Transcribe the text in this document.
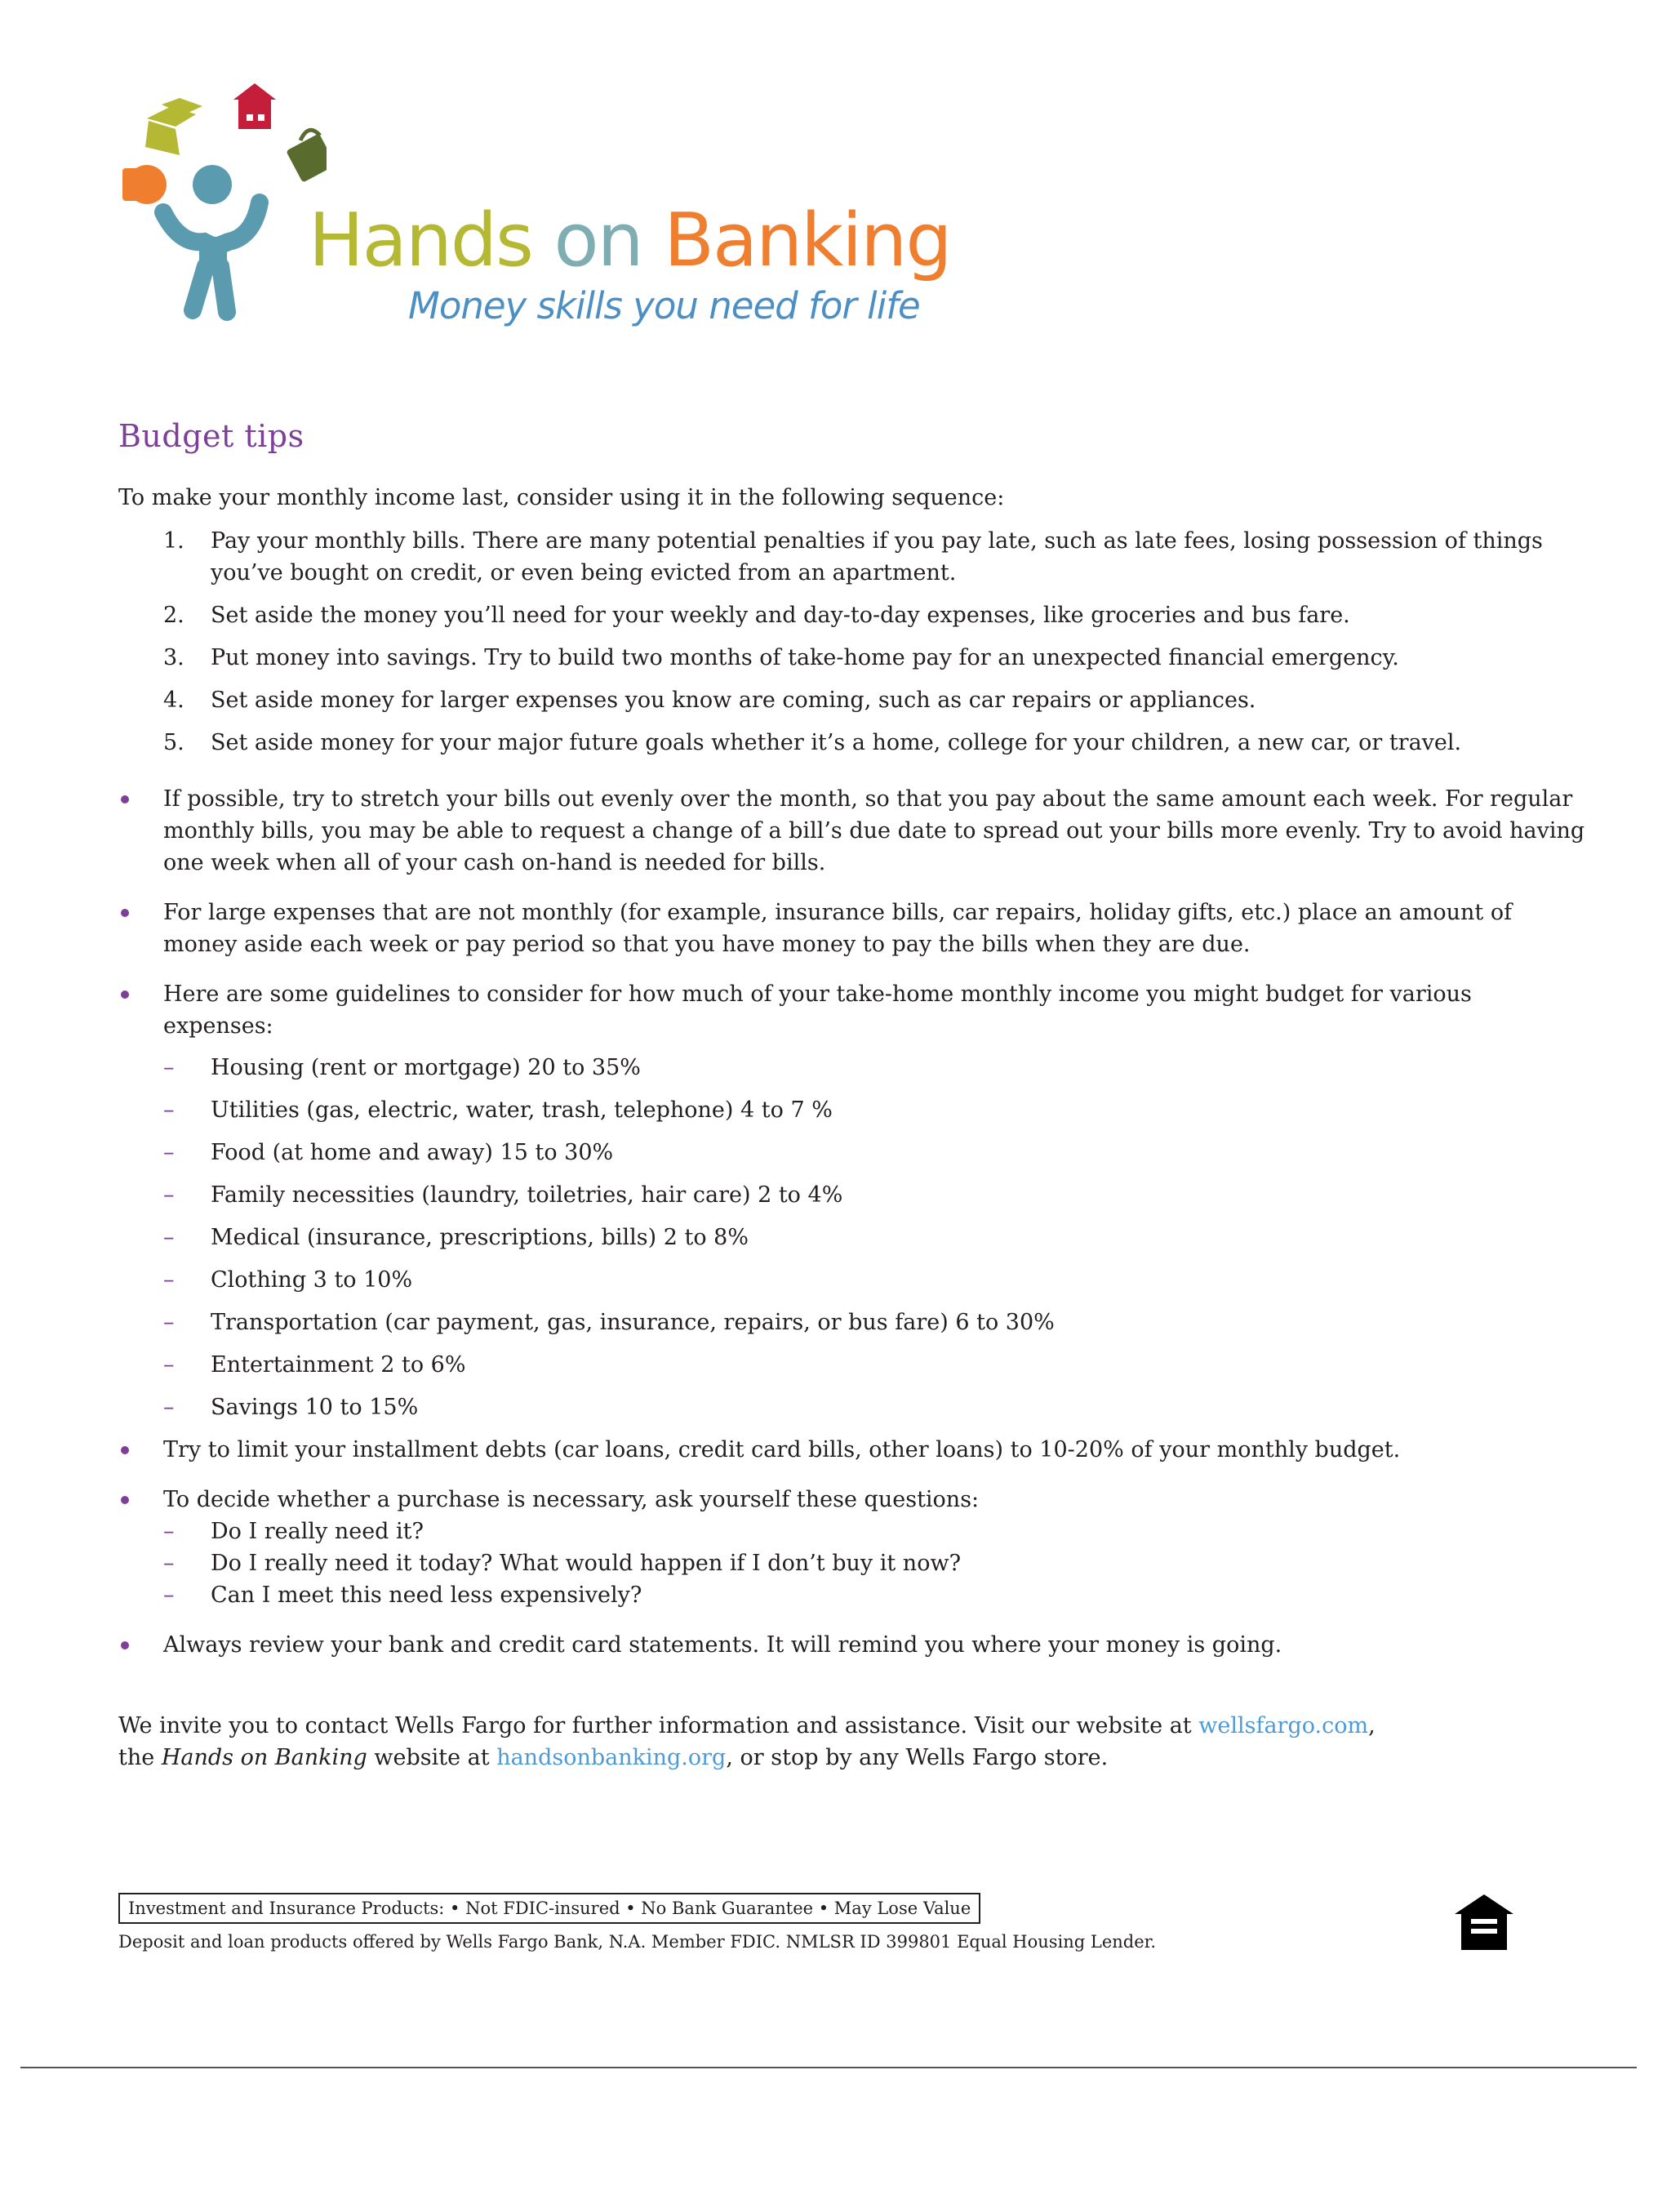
Hands on Banking

Money skills you need for life

Budget tips

To make your monthly income last, consider using it in the following sequence:

1. Pay your monthly bills. There are many potential penalties if you pay late, such as late fees, losing possession of things you’ve bought on credit, or even being evicted from an apartment.
2. Set aside the money you’ll need for your weekly and day-to-day expenses, like groceries and bus fare.
3. Put money into savings. Try to build two months of take-home pay for an unexpected financial emergency.
4. Set aside money for larger expenses you know are coming, such as car repairs or appliances.
5. Set aside money for your major future goals whether it’s a home, college for your children, a new car, or travel.
If possible, try to stretch your bills out evenly over the month, so that you pay about the same amount each week. For regular monthly bills, you may be able to request a change of a bill’s due date to spread out your bills more evenly. Try to avoid having one week when all of your cash on-hand is needed for bills.
For large expenses that are not monthly (for example, insurance bills, car repairs, holiday gifts, etc.) place an amount of money aside each week or pay period so that you have money to pay the bills when they are due.
Here are some guidelines to consider for how much of your take-home monthly income you might budget for various expenses:
– Housing (rent or mortgage) 20 to 35%
– Utilities (gas, electric, water, trash, telephone) 4 to 7 %
– Food (at home and away) 15 to 30%
– Family necessities (laundry, toiletries, hair care) 2 to 4%
– Medical (insurance, prescriptions, bills) 2 to 8%
– Clothing 3 to 10%
– Transportation (car payment, gas, insurance, repairs, or bus fare) 6 to 30%
– Entertainment 2 to 6%
– Savings 10 to 15%
Try to limit your installment debts (car loans, credit card bills, other loans) to 10-20% of your monthly budget.
To decide whether a purchase is necessary, ask yourself these questions:
– Do I really need it?
– Do I really need it today? What would happen if I don’t buy it now?
– Can I meet this need less expensively?
Always review your bank and credit card statements. It will remind you where your money is going.

We invite you to contact Wells Fargo for further information and assistance. Visit our website at wellsfargo.com,
the Hands on Banking website at handsonbanking.org, or stop by any Wells Fargo store.

Investment and Insurance Products: • Not FDIC-insured • No Bank Guarantee • May Lose Value
Deposit and loan products offered by Wells Fargo Bank, N.A. Member FDIC. NMLSR ID 399801 Equal Housing Lender.
